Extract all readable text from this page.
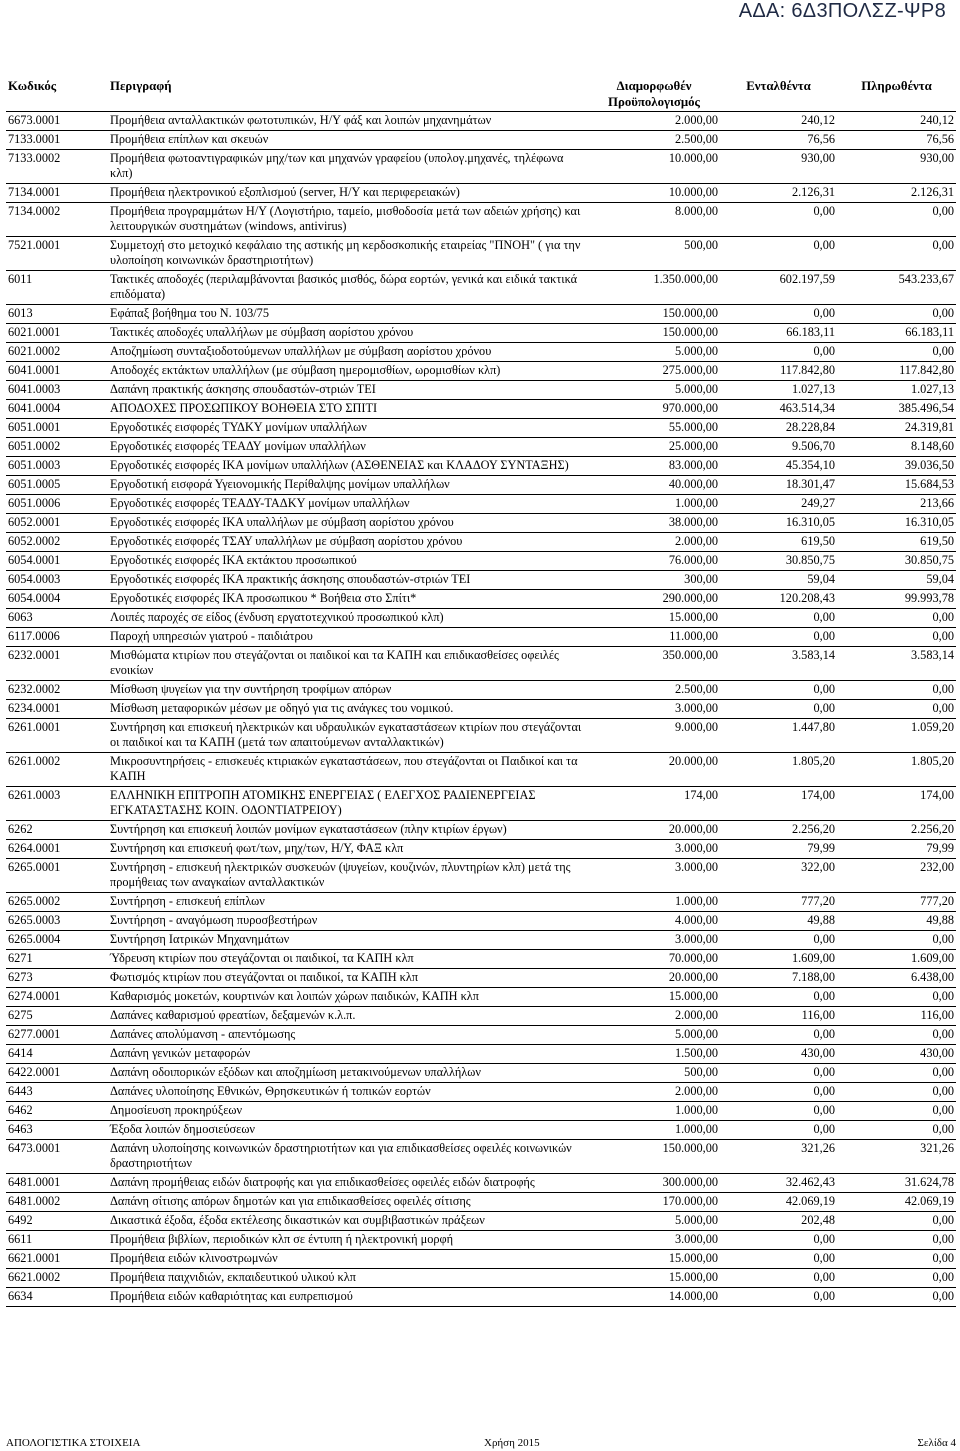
ΑΔΑ: 6Δ3ΠΟΛΣΖ-ΨΡ8
Κωδικός	Περιγραφή	Διαμορφωθέν Προϋπολογισμός	Ενταλθέντα	Πληρωθέντα
6673.0001	Προμήθεια ανταλλακτικών φωτοτυπικών, Η/Υ φάξ και λοιπών μηχανημάτων	2.000,00	240,12	240,12
7133.0001	Προμήθεια επίπλων και σκευών	2.500,00	76,56	76,56
7133.0002	Προμήθεια φωτοαντιγραφικών μηχ/των και μηχανών γραφείου (υπολογ.μηχανές, τηλέφωνα κλπ)	10.000,00	930,00	930,00
7134.0001	Προμήθεια ηλεκτρονικού εξοπλισμού (server, Η/Υ και περιφερειακών)	10.000,00	2.126,31	2.126,31
7134.0002	Προμήθεια προγραμμάτων Η/Υ (Λογιστήριο, ταμείο, μισθοδοσία μετά των αδειών χρήσης) και λειτουργικών συστημάτων (windows, antivirus)	8.000,00	0,00	0,00
7521.0001	Συμμετοχή στο μετοχικό κεφάλαιο της αστικής μη κερδοσκοπικής εταιρείας "ΠΝΟΗ" ( για την υλοποίηση κοινωνικών δραστηριοτήτων)	500,00	0,00	0,00
6011	Τακτικές αποδοχές (περιλαμβάνονται βασικός μισθός, δώρα εορτών, γενικά και ειδικά τακτικά επιδόματα)	1.350.000,00	602.197,59	543.233,67
6013	Εφάπαξ βοήθημα του Ν. 103/75	150.000,00	0,00	0,00
6021.0001	Τακτικές αποδοχές υπαλλήλων με σύμβαση αορίστου χρόνου	150.000,00	66.183,11	66.183,11
6021.0002	Αποζημίωση συνταξιοδοτούμενων υπαλλήλων με σύμβαση αορίστου χρόνου	5.000,00	0,00	0,00
6041.0001	Αποδοχές εκτάκτων υπαλλήλων (με σύμβαση ημερομισθίων, ωρομισθίων κλπ)	275.000,00	117.842,80	117.842,80
6041.0003	Δαπάνη πρακτικής άσκησης σπουδαστών-στριών ΤΕΙ	5.000,00	1.027,13	1.027,13
6041.0004	ΑΠΟΔΟΧΕΣ ΠΡΟΣΩΠΙΚΟΥ ΒΟΗΘΕΙΑ ΣΤΟ ΣΠΙΤΙ	970.000,00	463.514,34	385.496,54
6051.0001	Εργοδοτικές εισφορές ΤΥΔΚΥ μονίμων υπαλλήλων	55.000,00	28.228,84	24.319,81
6051.0002	Εργοδοτικές εισφορές ΤΕΑΔΥ μονίμων υπαλλήλων	25.000,00	9.506,70	8.148,60
6051.0003	Εργοδοτικές εισφορές ΙΚΑ μονίμων υπαλλήλων (ΑΣΘΕΝΕΙΑΣ και ΚΛΑΔΟΥ ΣΥΝΤΑΞΗΣ)	83.000,00	45.354,10	39.036,50
6051.0005	Εργοδοτική εισφορά Υγειονομικής Περίθαλψης μονίμων υπαλλήλων	40.000,00	18.301,47	15.684,53
6051.0006	Εργοδοτικές εισφορές ΤΕΑΔΥ-ΤΑΔΚΥ μονίμων υπαλλήλων	1.000,00	249,27	213,66
6052.0001	Εργοδοτικές εισφορές ΙΚΑ υπαλλήλων με σύμβαση αορίστου χρόνου	38.000,00	16.310,05	16.310,05
6052.0002	Εργοδοτικές εισφορές ΤΣΑΥ υπαλλήλων με σύμβαση αορίστου χρόνου	2.000,00	619,50	619,50
6054.0001	Εργοδοτικές εισφορές ΙΚΑ εκτάκτου προσωπικού	76.000,00	30.850,75	30.850,75
6054.0003	Εργοδοτικές εισφορές ΙΚΑ πρακτικής άσκησης σπουδαστών-στριών ΤΕΙ	300,00	59,04	59,04
6054.0004	Εργοδοτικές εισφορές ΙΚΑ προσωπικου * Βοήθεια στο Σπίτι*	290.000,00	120.208,43	99.993,78
6063	Λοιπές παροχές σε είδος (ένδυση εργατοτεχνικού προσωπικού κλπ)	15.000,00	0,00	0,00
6117.0006	Παροχή υπηρεσιών γιατρού - παιδιάτρου	11.000,00	0,00	0,00
6232.0001	Μισθώματα κτιρίων που στεγάζονται οι παιδικοί και τα ΚΑΠΗ και επιδικασθείσες οφειλές ενοικίων	350.000,00	3.583,14	3.583,14
6232.0002	Μίσθωση ψυγείων για την συντήρηση τροφίμων απόρων	2.500,00	0,00	0,00
6234.0001	Μίσθωση μεταφορικών μέσων με οδηγό για τις ανάγκες του νομικού.	3.000,00	0,00	0,00
6261.0001	Συντήρηση και επισκευή ηλεκτρικών και υδραυλικών εγκαταστάσεων κτιρίων που στεγάζονται οι παιδικοί και τα ΚΑΠΗ (μετά των απαιτούμενων ανταλλακτικών)	9.000,00	1.447,80	1.059,20
6261.0002	Μικροσυντηρήσεις - επισκευές κτιριακών εγκαταστάσεων, που στεγάζονται οι Παιδικοί και τα ΚΑΠΗ	20.000,00	1.805,20	1.805,20
6261.0003	ΕΛΛΗΝΙΚΗ ΕΠΙΤΡΟΠΗ ΑΤΟΜΙΚΗΣ ΕΝΕΡΓΕΙΑΣ ( ΕΛΕΓΧΟΣ ΡΑΔΙΕΝΕΡΓΕΙΑΣ ΕΓΚΑΤΑΣΤΑΣΗΣ ΚΟΙΝ. ΟΔΟΝΤΙΑΤΡΕΙΟΥ)	174,00	174,00	174,00
6262	Συντήρηση και επισκευή λοιπών μονίμων εγκαταστάσεων (πλην κτιρίων έργων)	20.000,00	2.256,20	2.256,20
6264.0001	Συντήρηση και επισκευή φωτ/των, μηχ/των, Η/Υ, ΦΑΞ κλπ	3.000,00	79,99	79,99
6265.0001	Συντήρηση - επισκευή ηλεκτρικών συσκευών (ψυγείων, κουζινών, πλυντηρίων κλπ) μετά της προμήθειας των αναγκαίων ανταλλακτικών	3.000,00	322,00	232,00
6265.0002	Συντήρηση - επισκευή επίπλων	1.000,00	777,20	777,20
6265.0003	Συντήρηση - αναγόμωση πυροσβεστήρων	4.000,00	49,88	49,88
6265.0004	Συντήρηση Ιατρικών Μηχανημάτων	3.000,00	0,00	0,00
6271	Ύδρευση κτιρίων που στεγάζονται οι παιδικοί, τα ΚΑΠΗ κλπ	70.000,00	1.609,00	1.609,00
6273	Φωτισμός κτιρίων που στεγάζονται οι παιδικοί, τα ΚΑΠΗ κλπ	20.000,00	7.188,00	6.438,00
6274.0001	Καθαρισμός μοκετών, κουρτινών και λοιπών χώρων παιδικών, ΚΑΠΗ κλπ	15.000,00	0,00	0,00
6275	Δαπάνες καθαρισμού φρεατίων, δεξαμενών κ.λ.π.	2.000,00	116,00	116,00
6277.0001	Δαπάνες απολύμανση - απεντόμωσης	5.000,00	0,00	0,00
6414	Δαπάνη γενικών μεταφορών	1.500,00	430,00	430,00
6422.0001	Δαπάνη οδοιπορικών εξόδων και αποζημίωση μετακινούμενων υπαλλήλων	500,00	0,00	0,00
6443	Δαπάνες υλοποίησης Εθνικών, Θρησκευτικών ή τοπικών εορτών	2.000,00	0,00	0,00
6462	Δημοσίευση προκηρύξεων	1.000,00	0,00	0,00
6463	Έξοδα λοιπών δημοσιεύσεων	1.000,00	0,00	0,00
6473.0001	Δαπάνη υλοποίησης κοινωνικών δραστηριοτήτων και για επιδικασθείσες οφειλές κοινωνικών δραστηριοτήτων	150.000,00	321,26	321,26
6481.0001	Δαπάνη προμήθειας ειδών διατροφής και για επιδικασθείσες οφειλές ειδών διατροφής	300.000,00	32.462,43	31.624,78
6481.0002	Δαπάνη σίτισης απόρων δημοτών και για επιδικασθείσες οφειλές σίτισης	170.000,00	42.069,19	42.069,19
6492	Δικαστικά έξοδα, έξοδα εκτέλεσης δικαστικών και συμβιβαστικών πράξεων	5.000,00	202,48	0,00
6611	Προμήθεια βιβλίων, περιοδικών κλπ σε έντυπη ή ηλεκτρονική μορφή	3.000,00	0,00	0,00
6621.0001	Προμήθεια ειδών κλινοστρωμνών	15.000,00	0,00	0,00
6621.0002	Προμήθεια παιχνιδιών, εκπαιδευτικού υλικού κλπ	15.000,00	0,00	0,00
6634	Προμήθεια ειδών καθαριότητας και ευπρεπισμού	14.000,00	0,00	0,00
ΑΠΟΛΟΓΙΣΤΙΚΑ ΣΤΟΙΧΕΙΑ	Χρήση 2015	Σελίδα 4
